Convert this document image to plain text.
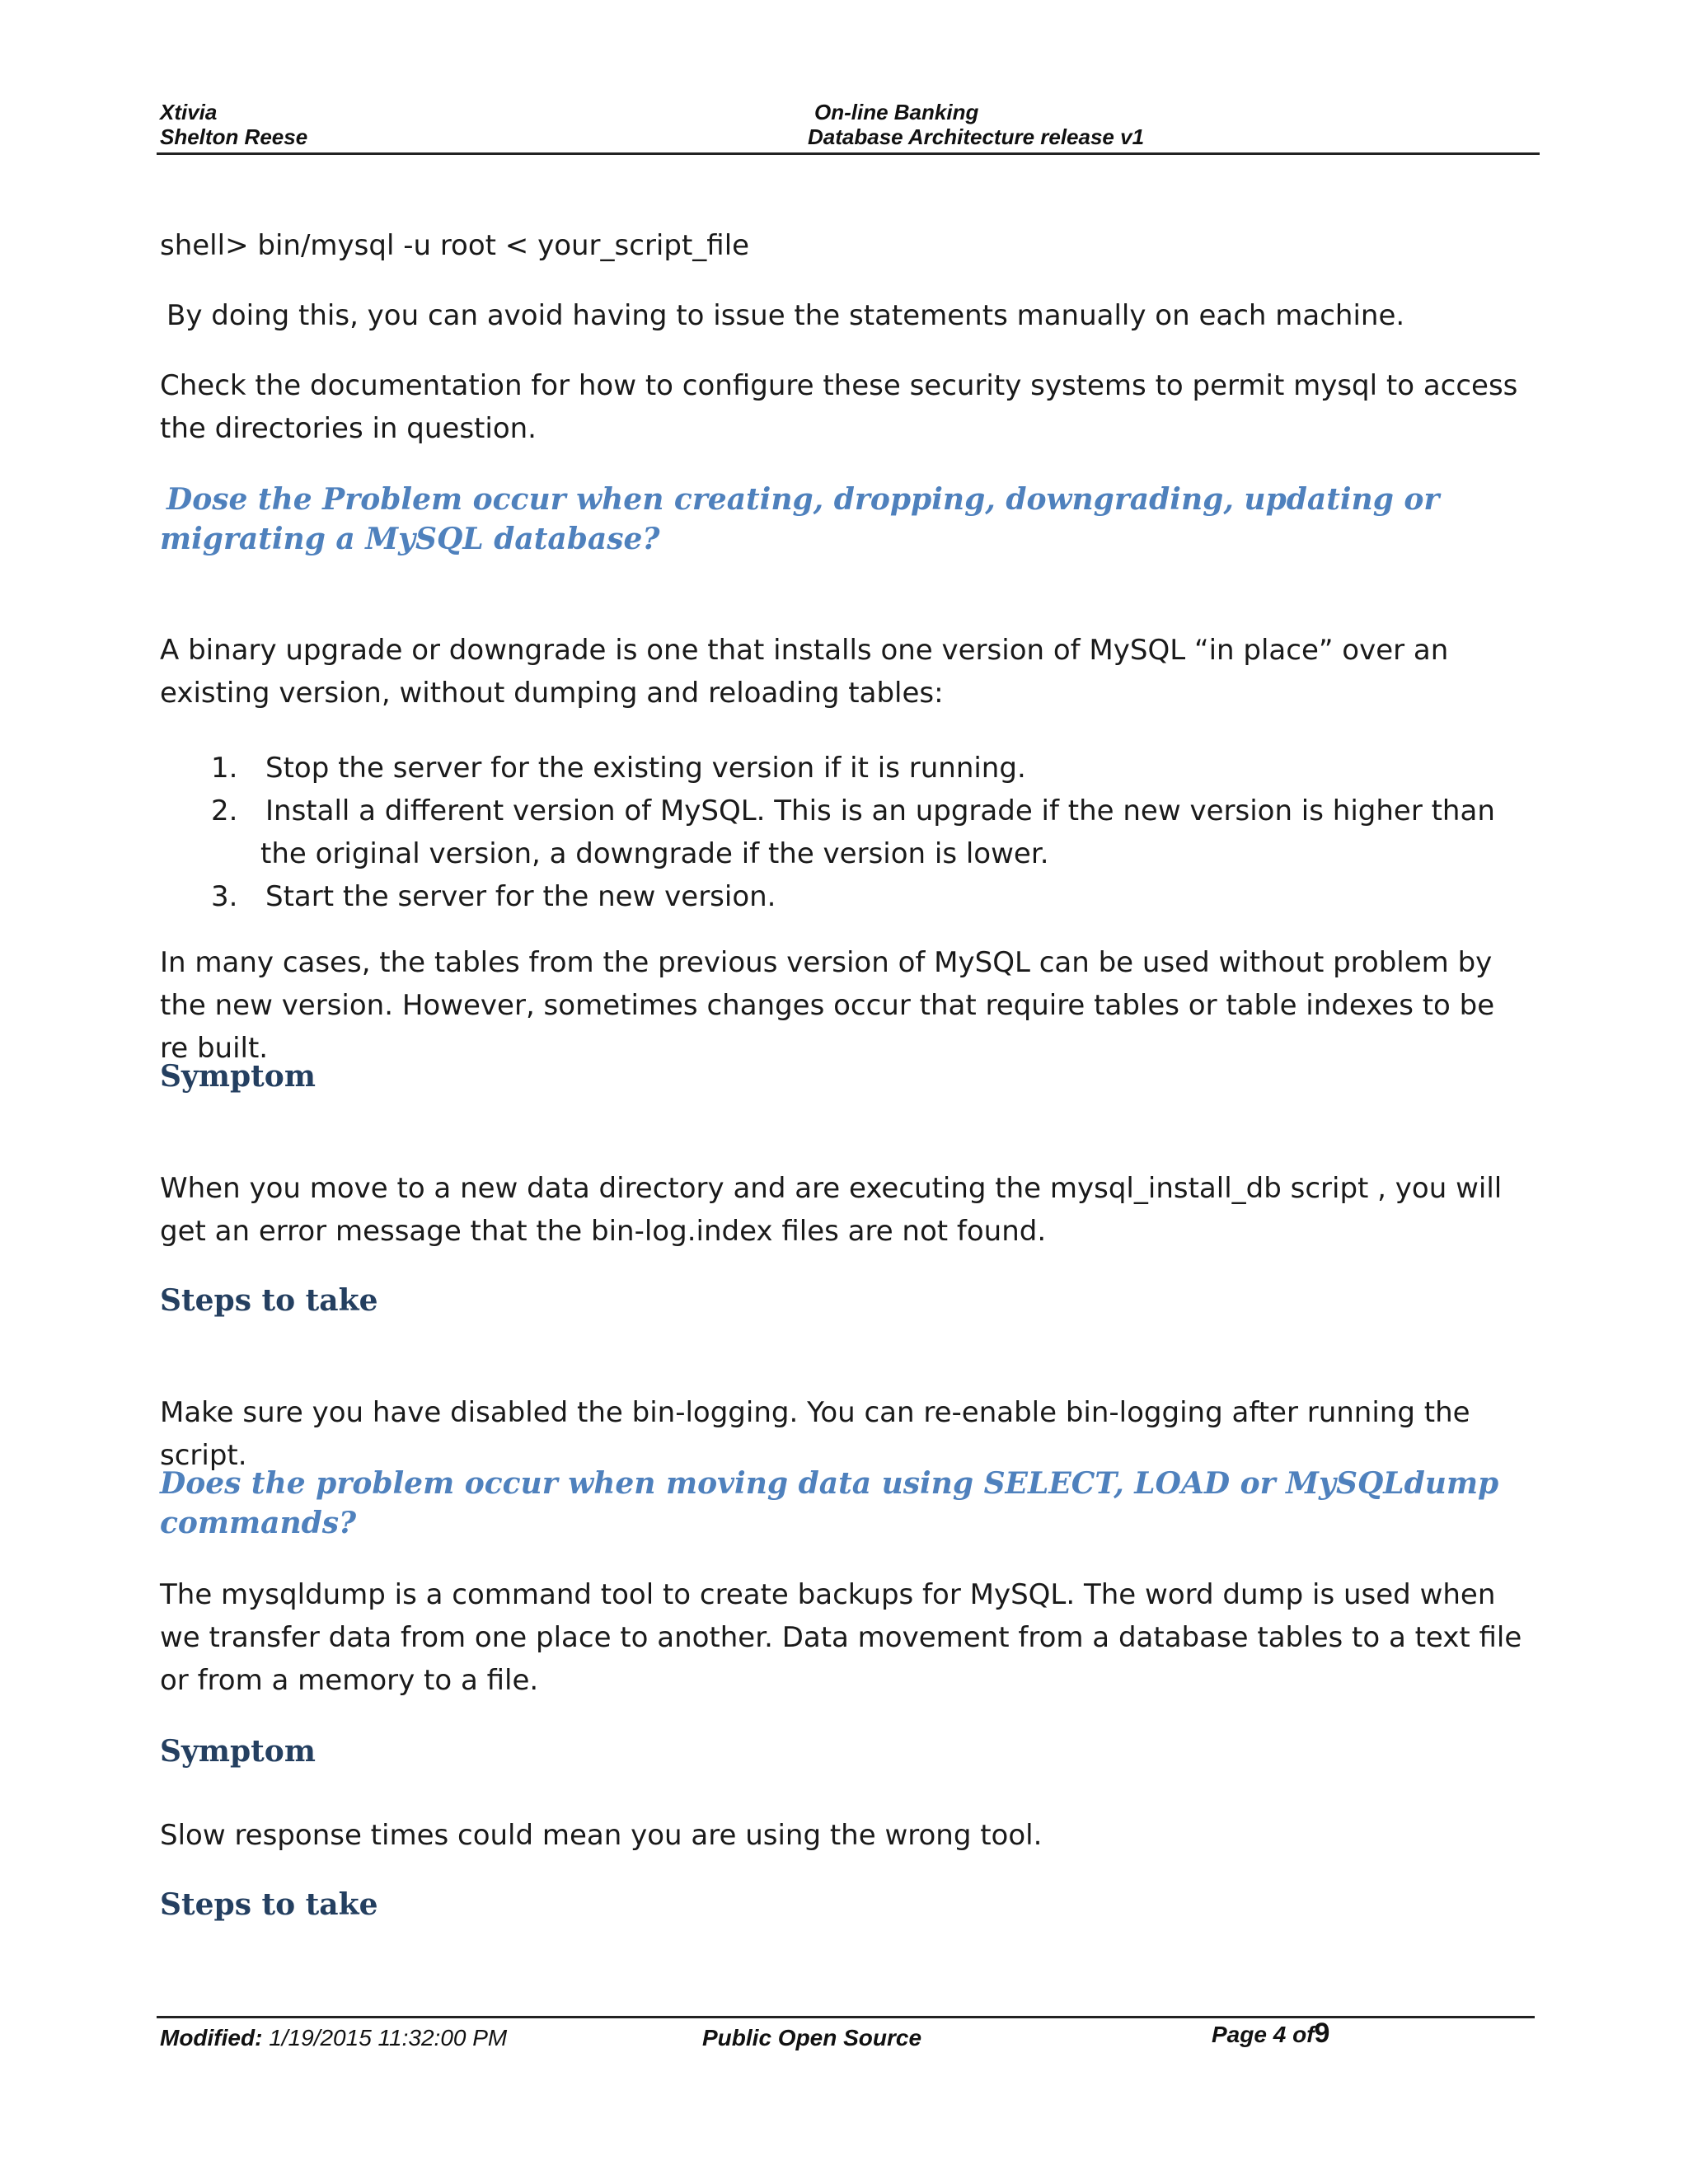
Xtivia
Shelton Reese
On-line Banking
Database Architecture release v1
shell> bin/mysql -u root < your_script_file
By doing this, you can avoid having to issue the statements manually on each machine.
Check the documentation for how to configure these security systems to permit mysql to access the directories in question.
Dose the Problem occur when creating, dropping, downgrading, updating or migrating a MySQL database?
A binary upgrade or downgrade is one that installs one version of MySQL “in place” over an existing version, without dumping and reloading tables:
1. Stop the server for the existing version if it is running.
2. Install a different version of MySQL. This is an upgrade if the new version is higher than the original version, a downgrade if the version is lower.
3. Start the server for the new version.
In many cases, the tables from the previous version of MySQL can be used without problem by the new version. However, sometimes changes occur that require tables or table indexes to be re built.
Symptom
When you move to a new data directory and are executing the mysql_install_db script , you will get an error message that the bin-log.index files are not found.
Steps to take
Make sure you have disabled the bin-logging. You can re-enable bin-logging after running the script.
Does the problem occur when moving data using SELECT, LOAD or MySQLdump commands?
The mysqldump is a command tool to create backups for MySQL. The word dump is used when we transfer data from one place to another. Data movement from a database tables to a text file or from a memory to a file.
Symptom
Slow response times could mean you are using the wrong tool.
Steps to take
Modified: 1/19/2015 11:32:00 PM	Public Open Source	Page 4 of9
